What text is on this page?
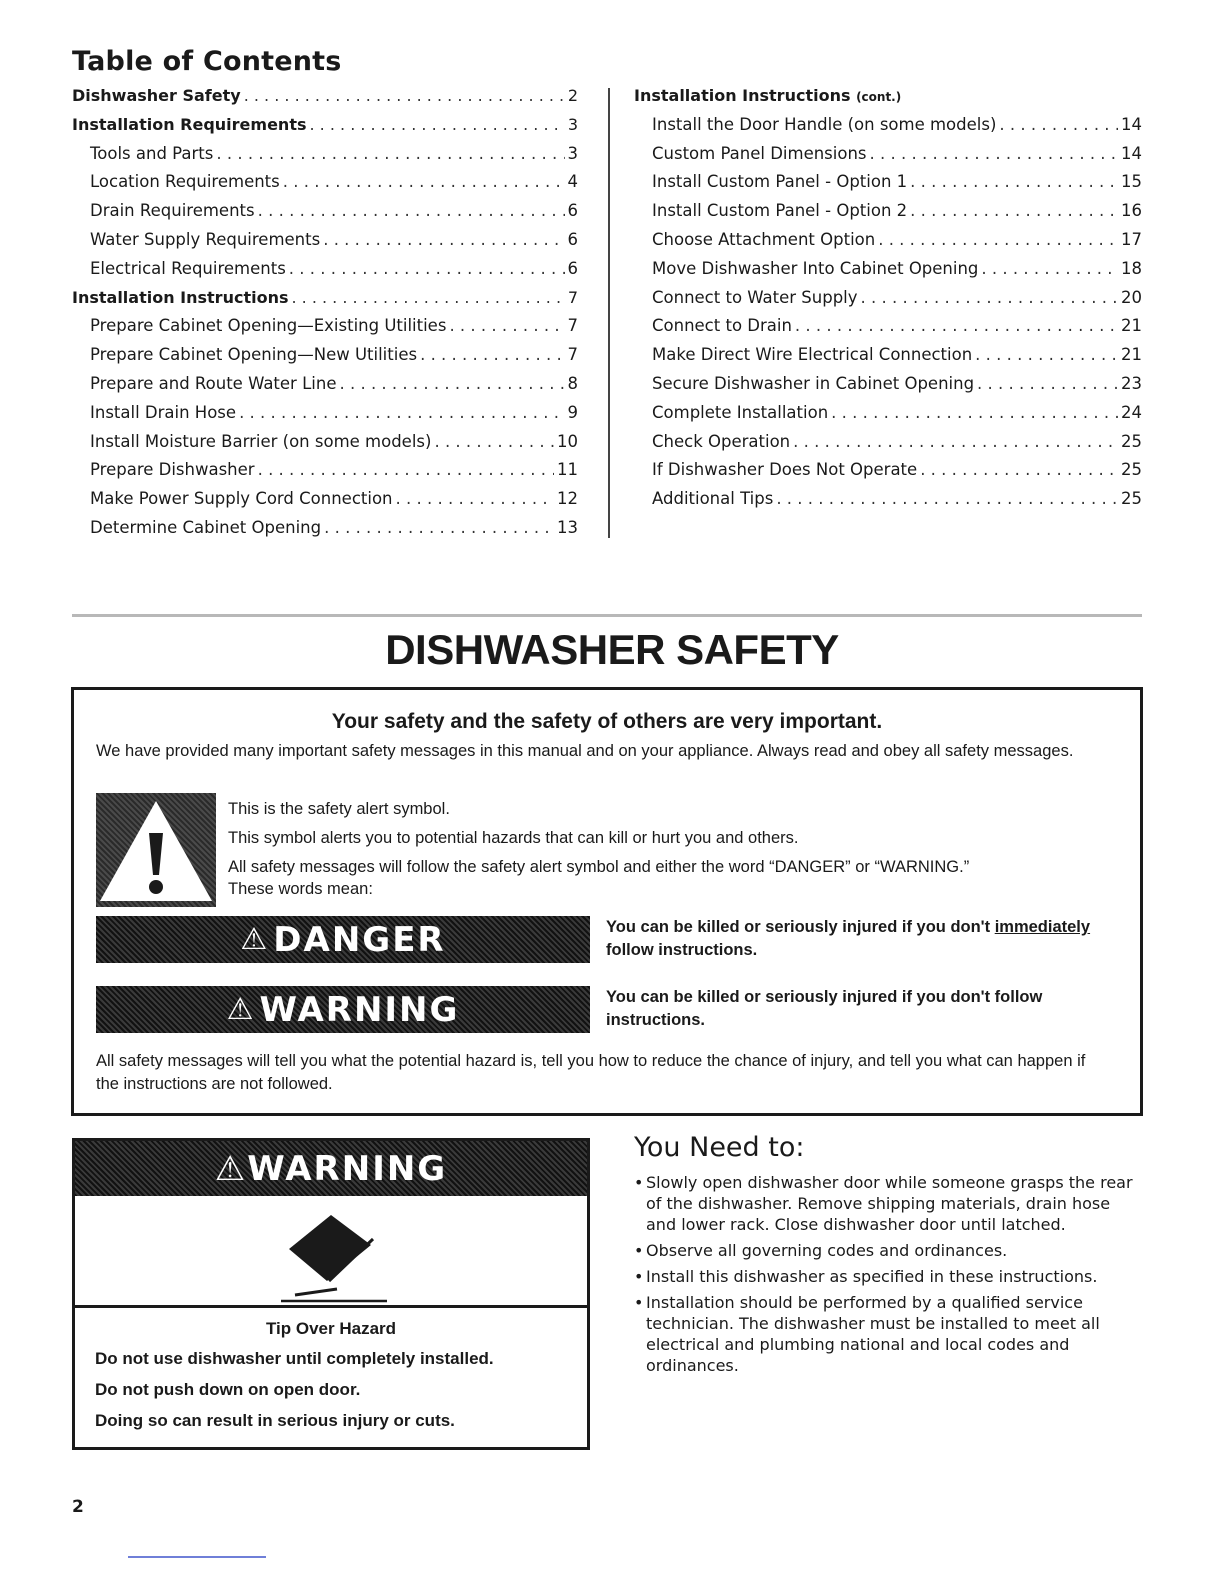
Table of Contents
Dishwasher Safety . . .	2
Installation Requirements . . .	3
Tools and Parts . . .	3
Location Requirements . . .	4
Drain Requirements . . .	6
Water Supply Requirements . . .	6
Electrical Requirements . . .	6
Installation Instructions . . .	7
Prepare Cabinet Opening—Existing Utilities . . .	7
Prepare Cabinet Opening—New Utilities . . .	7
Prepare and Route Water Line . . .	8
Install Drain Hose . . .	9
Install Moisture Barrier (on some models) . . .	10
Prepare Dishwasher . . .	11
Make Power Supply Cord Connection . . .	12
Determine Cabinet Opening . . .	13
Installation Instructions (cont.)
Install the Door Handle (on some models) . . .	14
Custom Panel Dimensions . . .	14
Install Custom Panel - Option 1 . . .	15
Install Custom Panel - Option 2 . . .	16
Choose Attachment Option . . .	17
Move Dishwasher Into Cabinet Opening . . .	18
Connect to Water Supply . . .	20
Connect to Drain . . .	21
Make Direct Wire Electrical Connection . . .	21
Secure Dishwasher in Cabinet Opening . . .	23
Complete Installation . . .	24
Check Operation . . .	25
If Dishwasher Does Not Operate . . .	25
Additional Tips . . .	25
DISHWASHER SAFETY
Your safety and the safety of others are very important.
We have provided many important safety messages in this manual and on your appliance. Always read and obey all safety messages.
This is the safety alert symbol.
This symbol alerts you to potential hazards that can kill or hurt you and others.
All safety messages will follow the safety alert symbol and either the word “DANGER” or “WARNING.”
These words mean:
⚠ DANGER	You can be killed or seriously injured if you don't immediately
follow instructions.
⚠ WARNING	You can be killed or seriously injured if you don't follow instructions.
All safety messages will tell you what the potential hazard is, tell you how to reduce the chance of injury, and tell you what can happen if the instructions are not followed.
⚠ WARNING
Tip Over Hazard
Do not use dishwasher until completely installed.
Do not push down on open door.
Doing so can result in serious injury or cuts.
You Need to:
• Slowly open dishwasher door while someone grasps the rear of the dishwasher. Remove shipping materials, drain hose and lower rack. Close dishwasher door until latched.
• Observe all governing codes and ordinances.
• Install this dishwasher as specified in these instructions.
• Installation should be performed by a qualified service technician. The dishwasher must be installed to meet all electrical and plumbing national and local codes and ordinances.
2
